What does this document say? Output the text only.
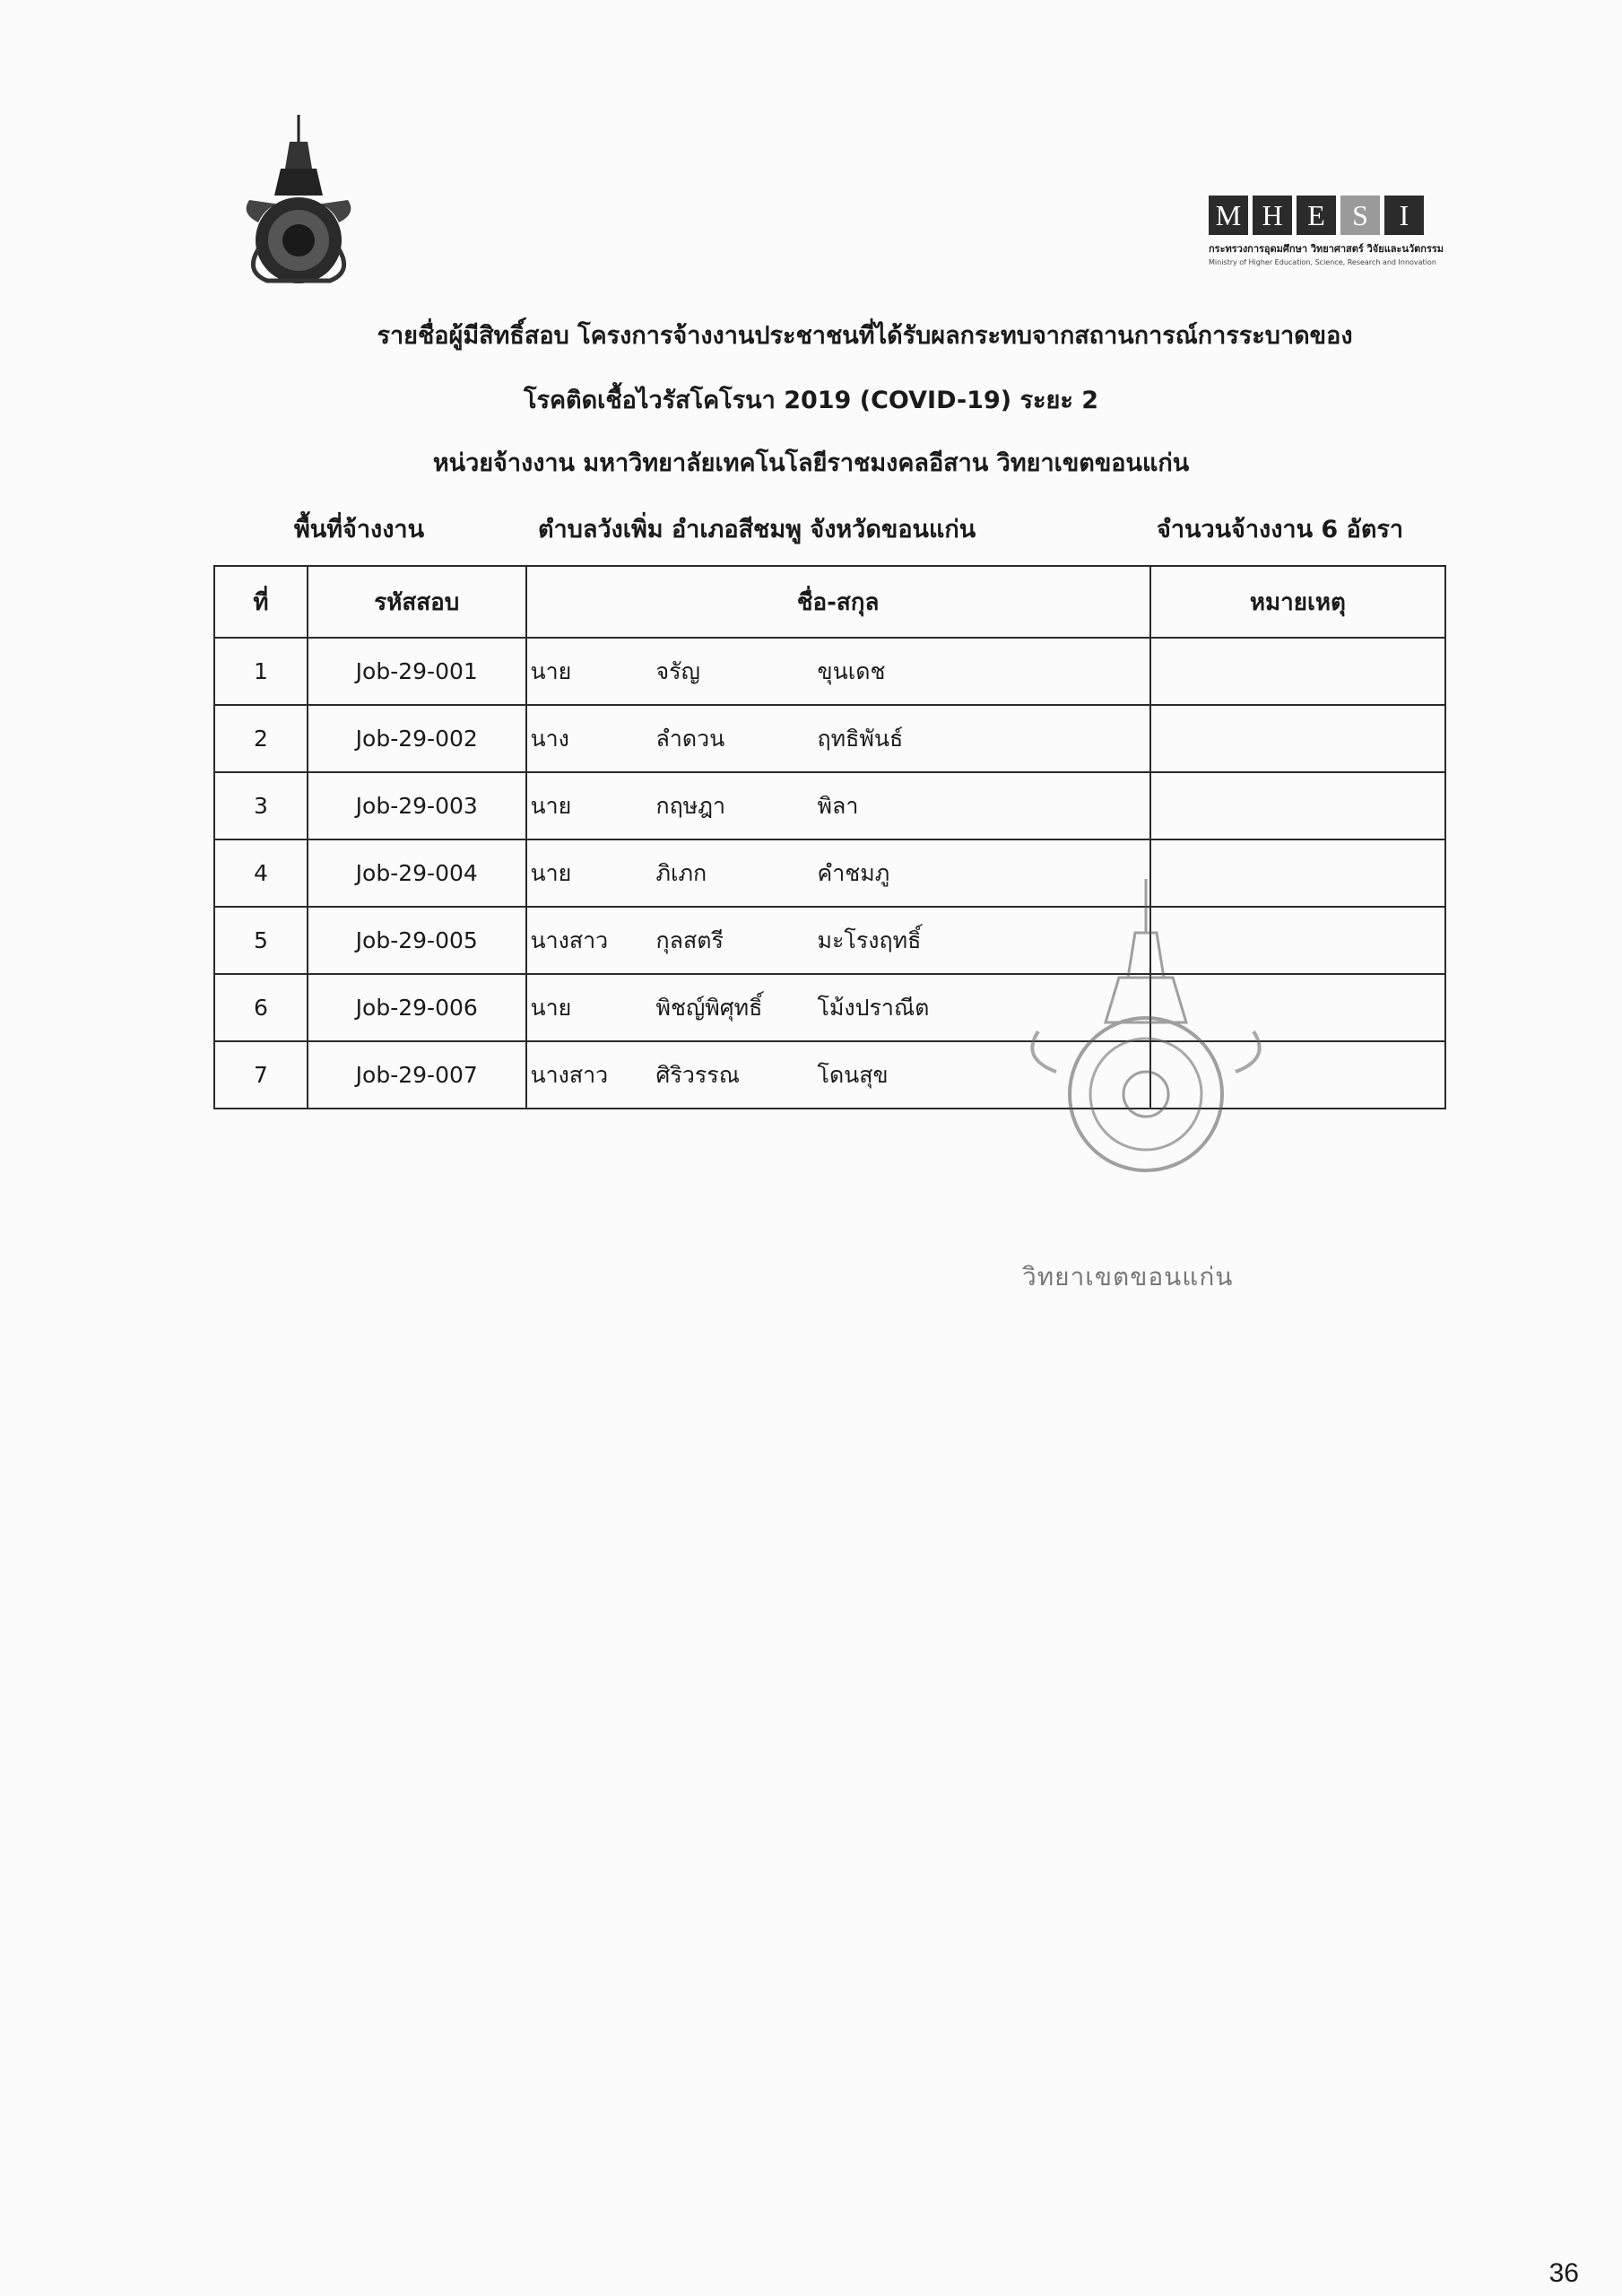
M H E S	I
กระทรวงการอุดมศึกษา วิทยาศาสตร์ วิจัยและนวัตกรรม
Ministry of Higher Education, Science, Research and Innovation
รายชื่อผู้มีสิทธิ์สอบ โครงการจ้างงานประชาชนที่ได้รับผลกระทบจากสถานการณ์การระบาดของ
โรคติดเชื้อไวรัสโคโรนา 2019 (COVID-19) ระยะ 2
หน่วยจ้างงาน มหาวิทยาลัยเทคโนโลยีราชมงคลอีสาน วิทยาเขตขอนแก่น
พื้นที่จ้างงาน	ตำบลวังเพิ่ม อำเภอสีชมพู จังหวัดขอนแก่น	จำนวนจ้างงาน 6 อัตรา
ที่	รหัสสอบ	ชื่อ-สกุล	หมายเหตุ
1	Job-29-001	นาย จรัญ ขุนเดช	

2	Job-29-002	นาง ลำดวน ฤทธิพันธ์	

3	Job-29-003	นาย กฤษฎา พิลา	

4	Job-29-004	นาย ภิเภก คำชมภู	

5	Job-29-005	นางสาว กุลสตรี มะโรงฤทธิ์	

6	Job-29-006	นาย พิชญ์พิศุทธิ์ โม้งปราณีต	

7	Job-29-007	นางสาว ศิริวรรณ โดนสุข	

วิทยาเขตขอนแก่น
36
